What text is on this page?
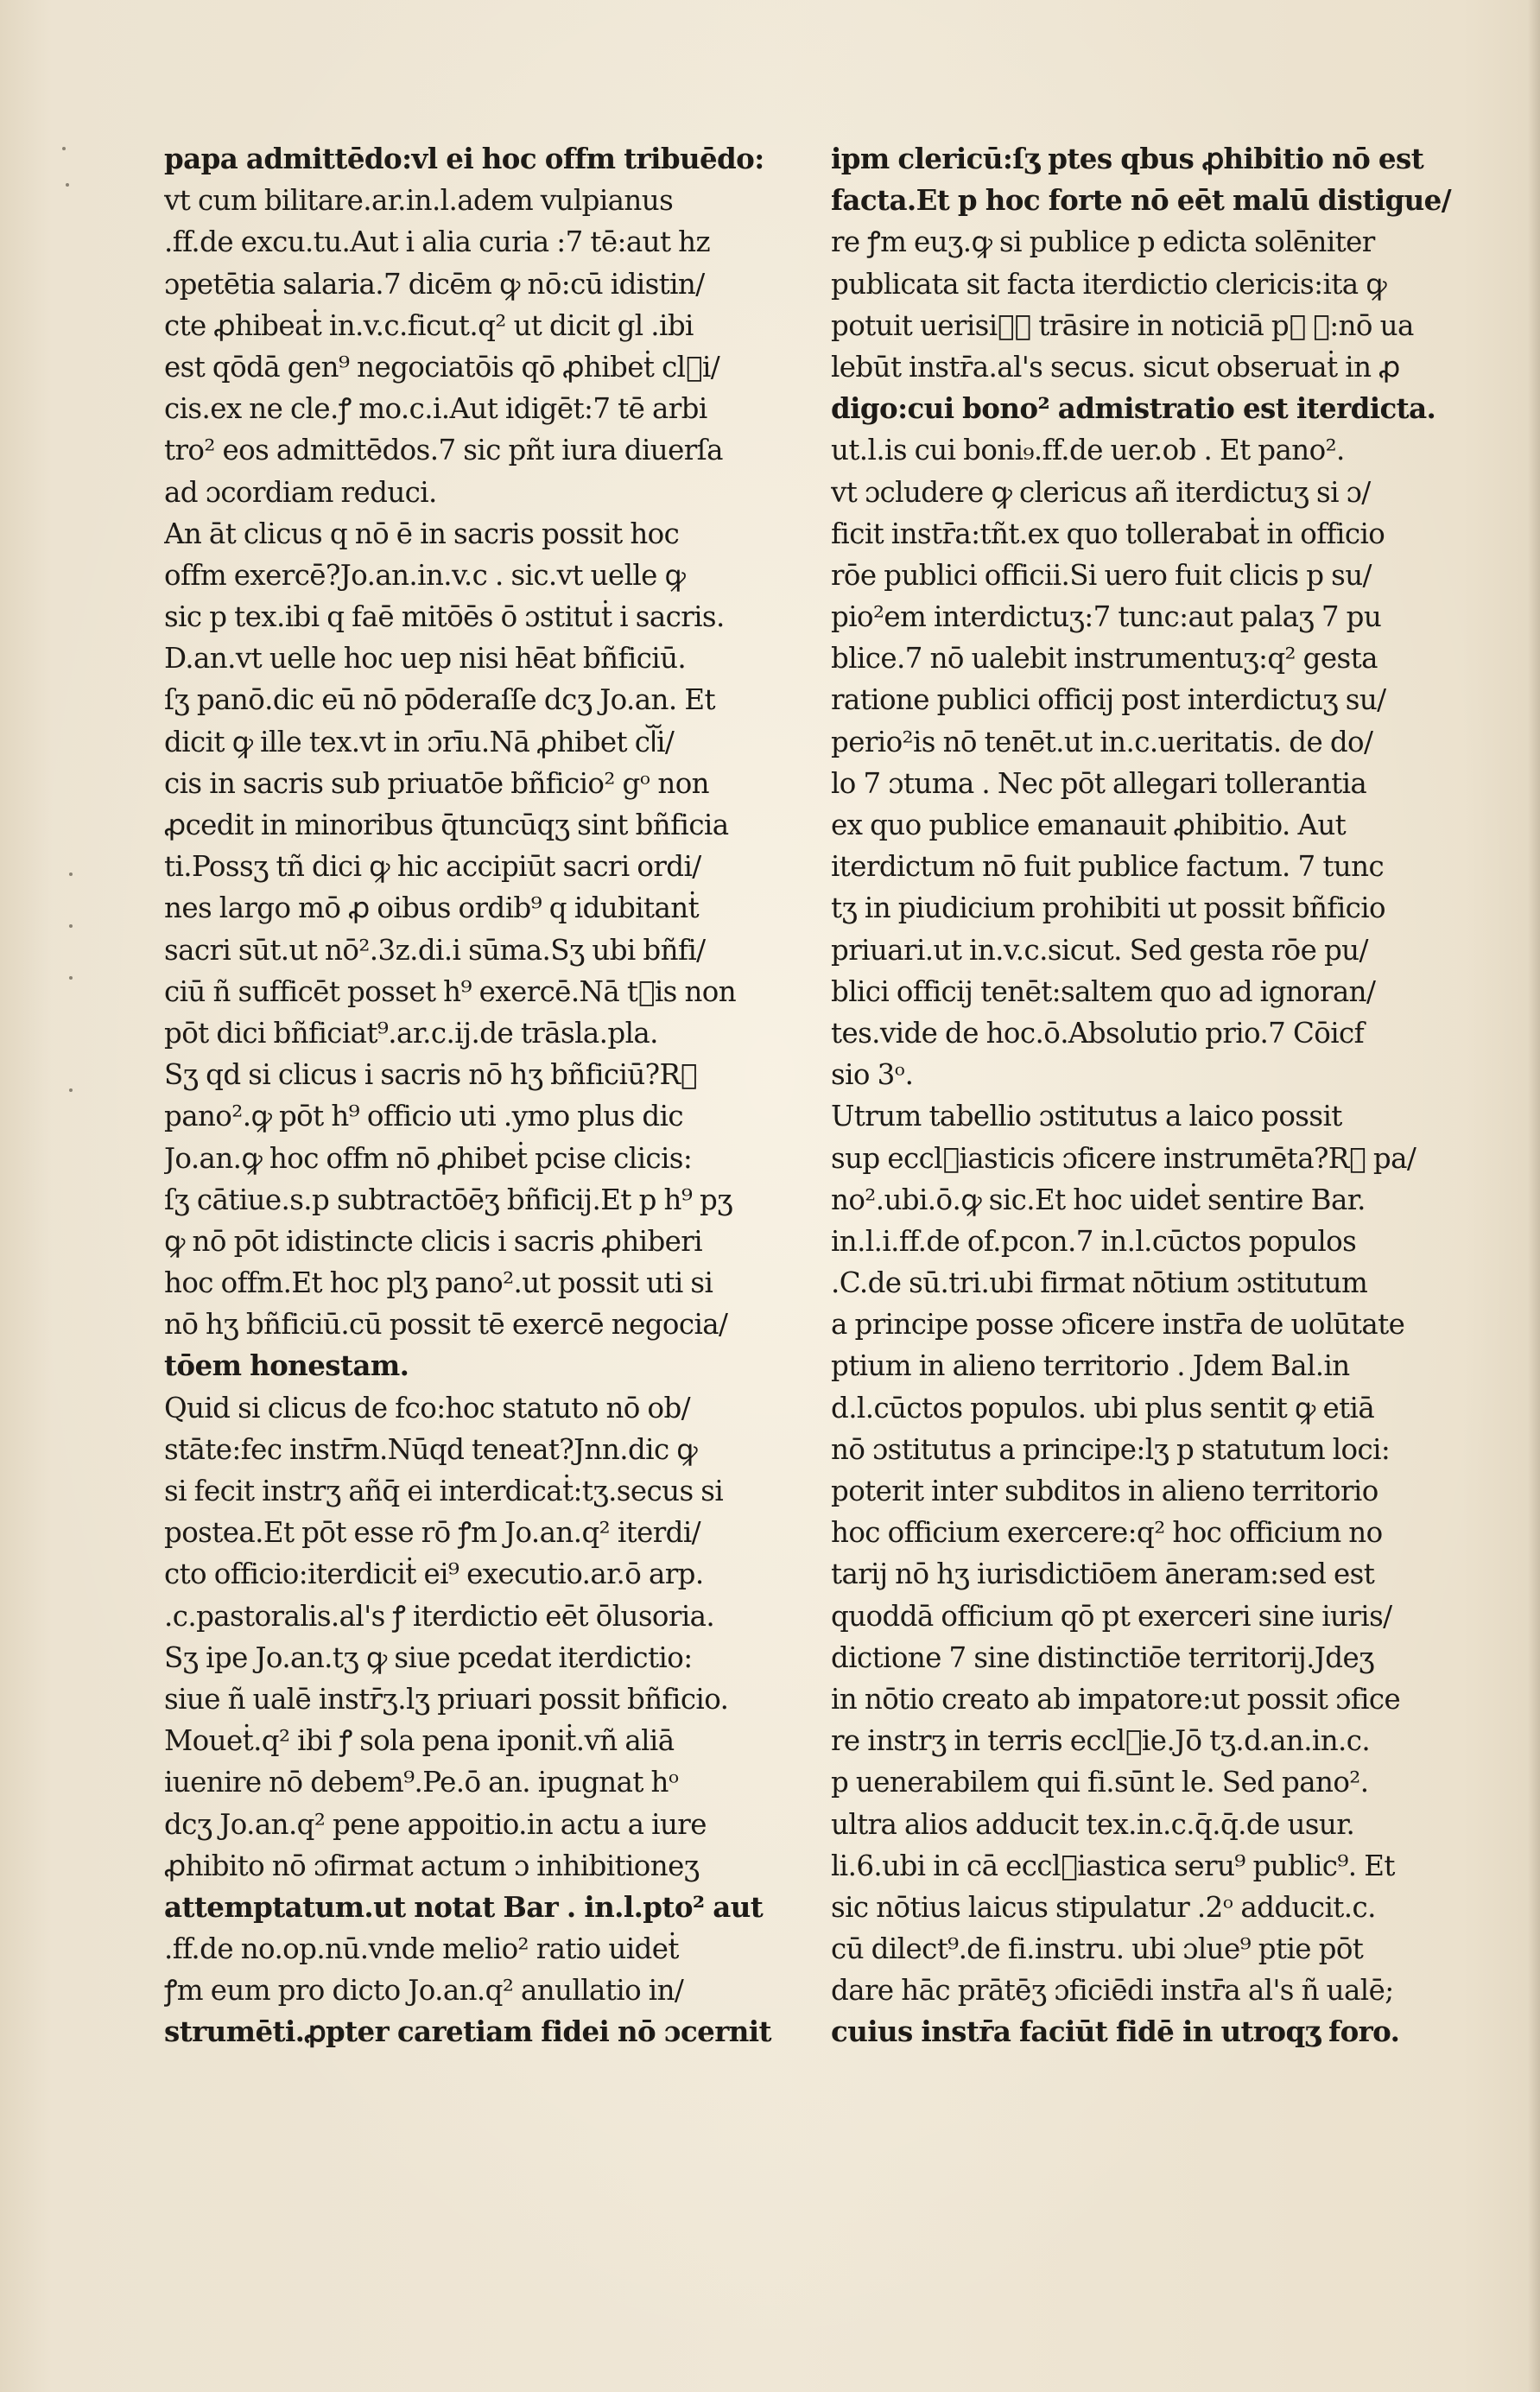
papa admittēdo:vl ei hoc offm tribuēdo:
vt cum bilitare.ar.in.l.adem vulpianus
.ff.de excu.tu.Aut i alia curia :7 tē:aut hz
ɔpetētia salaria.7 dicēm ꝙ nō:cū idistin/
cte ꝓhibeaṫ in.v.c.ficut.q² ut dicit gl .ibi
est qōdā gen⁹ negociatōis qō ꝓhibeṫ clᷓi/
cis.ex ne cle.ꝭ mo.c.i.Aut idigēt:7 tē arbi
tro² eos admittēdos.7 sic pñt iura diuerſa
ad ɔcordiam reduci.
An āt clicus q nō ē in sacris possit hoc
offm exercē?Jo.an.in.v.c . sic.vt uelle ꝙ
sic p tex.ibi q faē mitōēs ō ɔstituṫ i sacris.
D.an.vt uelle hoc uep nisi hēat bñficiū.
ſʒ panō.dic eū nō pōderaſſe dcʒ Jo.an. Et
dicit ꝙ ille tex.vt in ɔrīu.Nā ꝓhibet clᷓi/
cis in sacris sub priuatōe bñficio² gᵒ non
ꝓcedit in minoribus q̄tuncūqʒ sint bñficia
ti.Possʒ tñ dici ꝙ hic accipiūt sacri ordi/
nes largo mō ꝓ oibus ordib⁹ q idubitanṫ
sacri sūt.ut nō².3z.di.i sūma.Sʒ ubi bñfi/
ciū ñ sufficēt posset h⁹ exercē.Nā tᷓis non
pōt dici bñficiat⁹.ar.c.ij.de trāsla.pla.
Sʒ qd si clicus i sacris nō hʒ bñficiū?Rᷓ
pano².ꝙ pōt h⁹ officio uti .ymo plus dic
Jo.an.ꝙ hoc offm nō ꝓhibeṫ pcise clicis:
ſʒ cātiue.s.p subtractōēʒ bñficij.Et p h⁹ pʒ
ꝙ nō pōt idistincte clicis i sacris ꝓhiberi
hoc offm.Et hoc plʒ pano².ut possit uti si
nō hʒ bñficiū.cū possit tē exercē negocia/
tōem honestam.
Quid si clicus de fco:hoc statuto nō ob/
stāte:fec instr̄m.Nūqd teneat?Jnn.dic ꝙ
si fecit instrʒ añq̄ ei interdicaṫ:tʒ.secus si
postea.Et pōt esse rō ꝭm Jo.an.q² iterdi/
cto officio:iterdiciṫ ei⁹ executio.ar.ō arp.
.c.pastoralis.al's ꝭ iterdictio eēt ōlusoria.
Sʒ ipe Jo.an.tʒ ꝙ siue pcedat iterdictio:
siue ñ ualē instr̄ʒ.lʒ priuari possit bñficio.
Moueṫ.q² ibi ꝭ sola pena iponiṫ.vñ aliā
iuenire nō debem⁹.Pe.ō an. ipugnat hᵒ
dcʒ Jo.an.q² pene appoitio.in actu a iure
ꝓhibito nō ɔfirmat actum ɔ inhibitioneʒ
attemptatum.ut notat Bar . in.l.pto² aut
.ff.de no.op.nū.vnde melio² ratio uideṫ
ꝭm eum pro dicto Jo.an.q² anullatio in/
strumēti.ꝓpter caretiam fidei nō ɔcernit
ipm clericū:ſʒ ptes qbus ꝓhibitio nō est
facta.Et p hoc forte nō eēt malū distigue/
re ꝭm euʒ.ꝙ si publice p edicta solēniter
publicata sit facta iterdictio clericis:ita ꝙ
potuit uerisiᷓᷓ trāsire in noticiā pᷓ ꝭ:nō ua
lebūt instr̄a.al's secus. sicut obseruaṫ in ꝓ
digo:cui bono² admistratio est iterdicta.
ut.l.is cui boni₉.ff.de uer.ob . Et pano².
vt ɔcludere ꝙ clericus añ iterdictuʒ si ɔ/
ficit instr̄a:tñt.ex quo tollerabaṫ in officio
rōe publici officii.Si uero fuit clicis p su/
pio²em interdictuʒ:7 tunc:aut palaʒ 7 pu
blice.7 nō ualebit instrumentuʒ:q² gesta
ratione publici officij post interdictuʒ su/
perio²is nō tenēt.ut in.c.ueritatis. de do/
lo 7 ɔtuma . Nec pōt allegari tollerantia
ex quo publice emanauit ꝓhibitio. Aut
iterdictum nō fuit publice factum. 7 tunc
tʒ in piudicium prohibiti ut possit bñficio
priuari.ut in.v.c.sicut. Sed gesta rōe pu/
blici officij tenēt:saltem quo ad ignoran/
tes.vide de hoc.ō.Absolutio prio.7 Cōicf
sio 3ᵒ.
Utrum tabellio ɔstitutus a laico possit
sup ecclᷓiasticis ɔficere instrumēta?Rᷓ pa/
no².ubi.ō.ꝙ sic.Et hoc uideṫ sentire Bar.
in.l.i.ff.de of.pcon.7 in.l.cūctos populos
.C.de sū.tri.ubi firmat nōtium ɔstitutum
a principe posse ɔficere instr̄a de uolūtate
ptium in alieno territorio . Jdem Bal.in
d.l.cūctos populos. ubi plus sentit ꝙ etiā
nō ɔstitutus a principe:lʒ p statutum loci:
poterit inter subditos in alieno territorio
hoc officium exercere:q² hoc officium no
tarij nō hʒ iurisdictiōem āneram:sed est
quoddā officium qō pt exerceri sine iuris/
dictione 7 sine distinctiōe territorij.Jdeʒ
in nōtio creato ab impatore:ut possit ɔfice
re instrʒ in terris ecclᷓie.Jō tʒ.d.an.in.c.
p uenerabilem qui fi.sūnt le. Sed pano².
ultra alios adducit tex.in.c.q̄.q̄.de usur.
li.6.ubi in cā ecclᷓiastica seru⁹ public⁹. Et
sic nōtius laicus stipulatur .2ᵒ adducit.c.
cū dilect⁹.de fi.instru. ubi ɔlue⁹ ptie pōt
dare hāc prātēʒ ɔficiēdi instr̄a al's ñ ualē;
cuius instr̄a faciūt fidē in utroqʒ foro.
